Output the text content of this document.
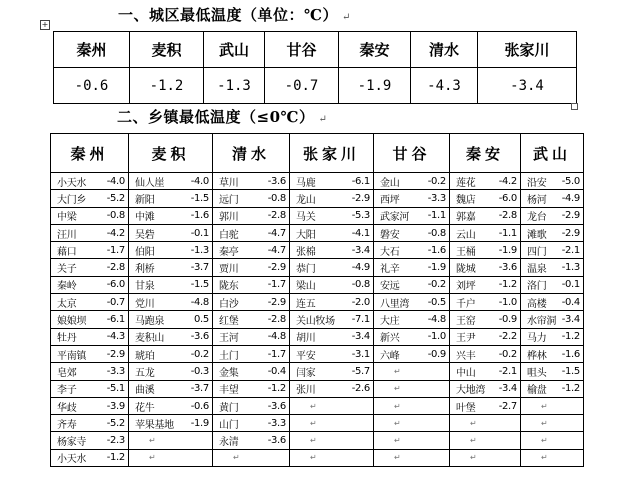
+
一、城区最低温度（单位：℃） ↵
秦州	麦积	武山	甘谷	秦安	清水	张家川
-0.6	-1.2	-1.3	-0.7	-1.9	-4.3	-3.4
二、乡镇最低温度（≤0℃） ↵
秦州	麦积	清水	张家川	甘谷	秦安	武山

小天水 -4.0	仙人崖 -4.0	草川 -3.6	马鹿 -6.1	金山 -0.2	莲花 -4.2	沿安 -5.0

大门乡 -5.2	新阳 -1.5	远门 -0.8	龙山 -2.9	西坪 -3.3	魏店 -6.0	杨河 -4.9

中梁 -0.8	中滩 -1.6	郭川 -2.8	马关 -5.3	武家河 -1.1	郭嘉 -2.8	龙台 -2.9

汪川 -4.2	吴砦 -0.1	白驼 -4.7	大阳 -4.1	磐安 -0.8	云山 -1.1	滩歌 -2.9

藉口 -1.7	伯阳 -1.3	秦亭 -4.7	张棉 -3.4	大石 -1.6	王桶 -1.9	四门 -2.1

关子 -2.8	利桥 -3.7	贾川 -2.9	恭门 -4.9	礼辛 -1.9	陇城 -3.6	温泉 -1.3

秦岭 -6.0	甘泉 -1.5	陇东 -1.7	梁山 -0.8	安远 -0.2	刘坪 -1.2	洛门 -0.1

太京 -0.7	党川 -4.8	白沙 -2.9	连五 -2.0	八里湾 -0.5	千户 -1.0	高楼 -0.4

娘娘坝 -6.1	马跑泉 0.5	红堡 -2.8	关山牧场 -7.1	大庄 -4.8	王窑 -0.9	水帘洞 -3.4

牡丹 -4.3	麦积山 -3.6	王河 -4.8	胡川 -3.4	新兴 -1.0	王尹 -2.2	马力 -1.2

平南镇 -2.9	琥珀 -0.2	土门 -1.7	平安 -3.1	六峰 -0.9	兴丰 -0.2	桦林 -1.6

皂郊 -3.3	五龙 -0.3	金集 -0.4	闫家 -5.7	↵	中山 -2.1	咀头 -1.5

李子 -5.1	曲溪 -3.7	丰望 -1.2	张川 -2.6	↵	大地湾 -3.4	榆盘 -1.2

华歧 -3.9	花牛 -0.6	黄门 -3.6	↵	↵	叶堡 -2.7	↵

齐寿 -5.2	苹果基地 -1.9	山门 -3.3	↵	↵	↵	↵

杨家寺 -2.3	↵	永清 -3.6	↵	↵	↵	↵

小天水 -1.2	↵	↵	↵	↵	↵	↵
